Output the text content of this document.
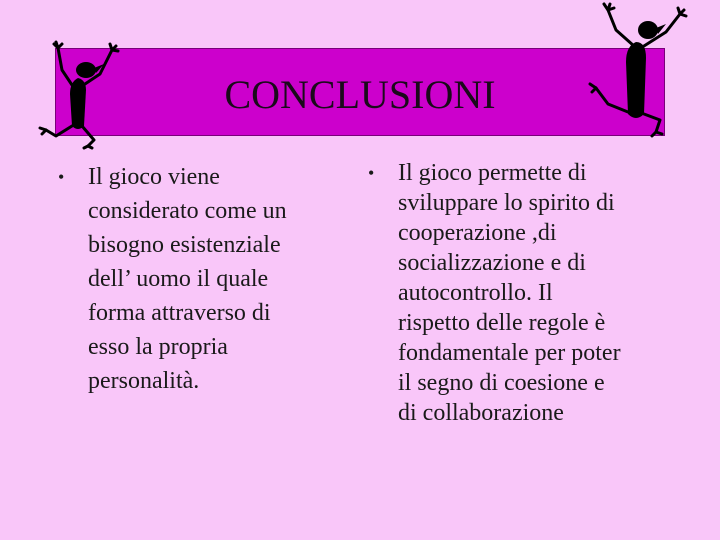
CONCLUSIONI
• Il gioco viene
considerato come un
bisogno esistenziale
dell’ uomo il quale
forma attraverso di
esso la propria
personalità.
• Il gioco permette di
sviluppare lo spirito di
cooperazione ,di
socializzazione e di
autocontrollo. Il
rispetto delle regole è
fondamentale per poter
il segno di coesione e
di collaborazione
